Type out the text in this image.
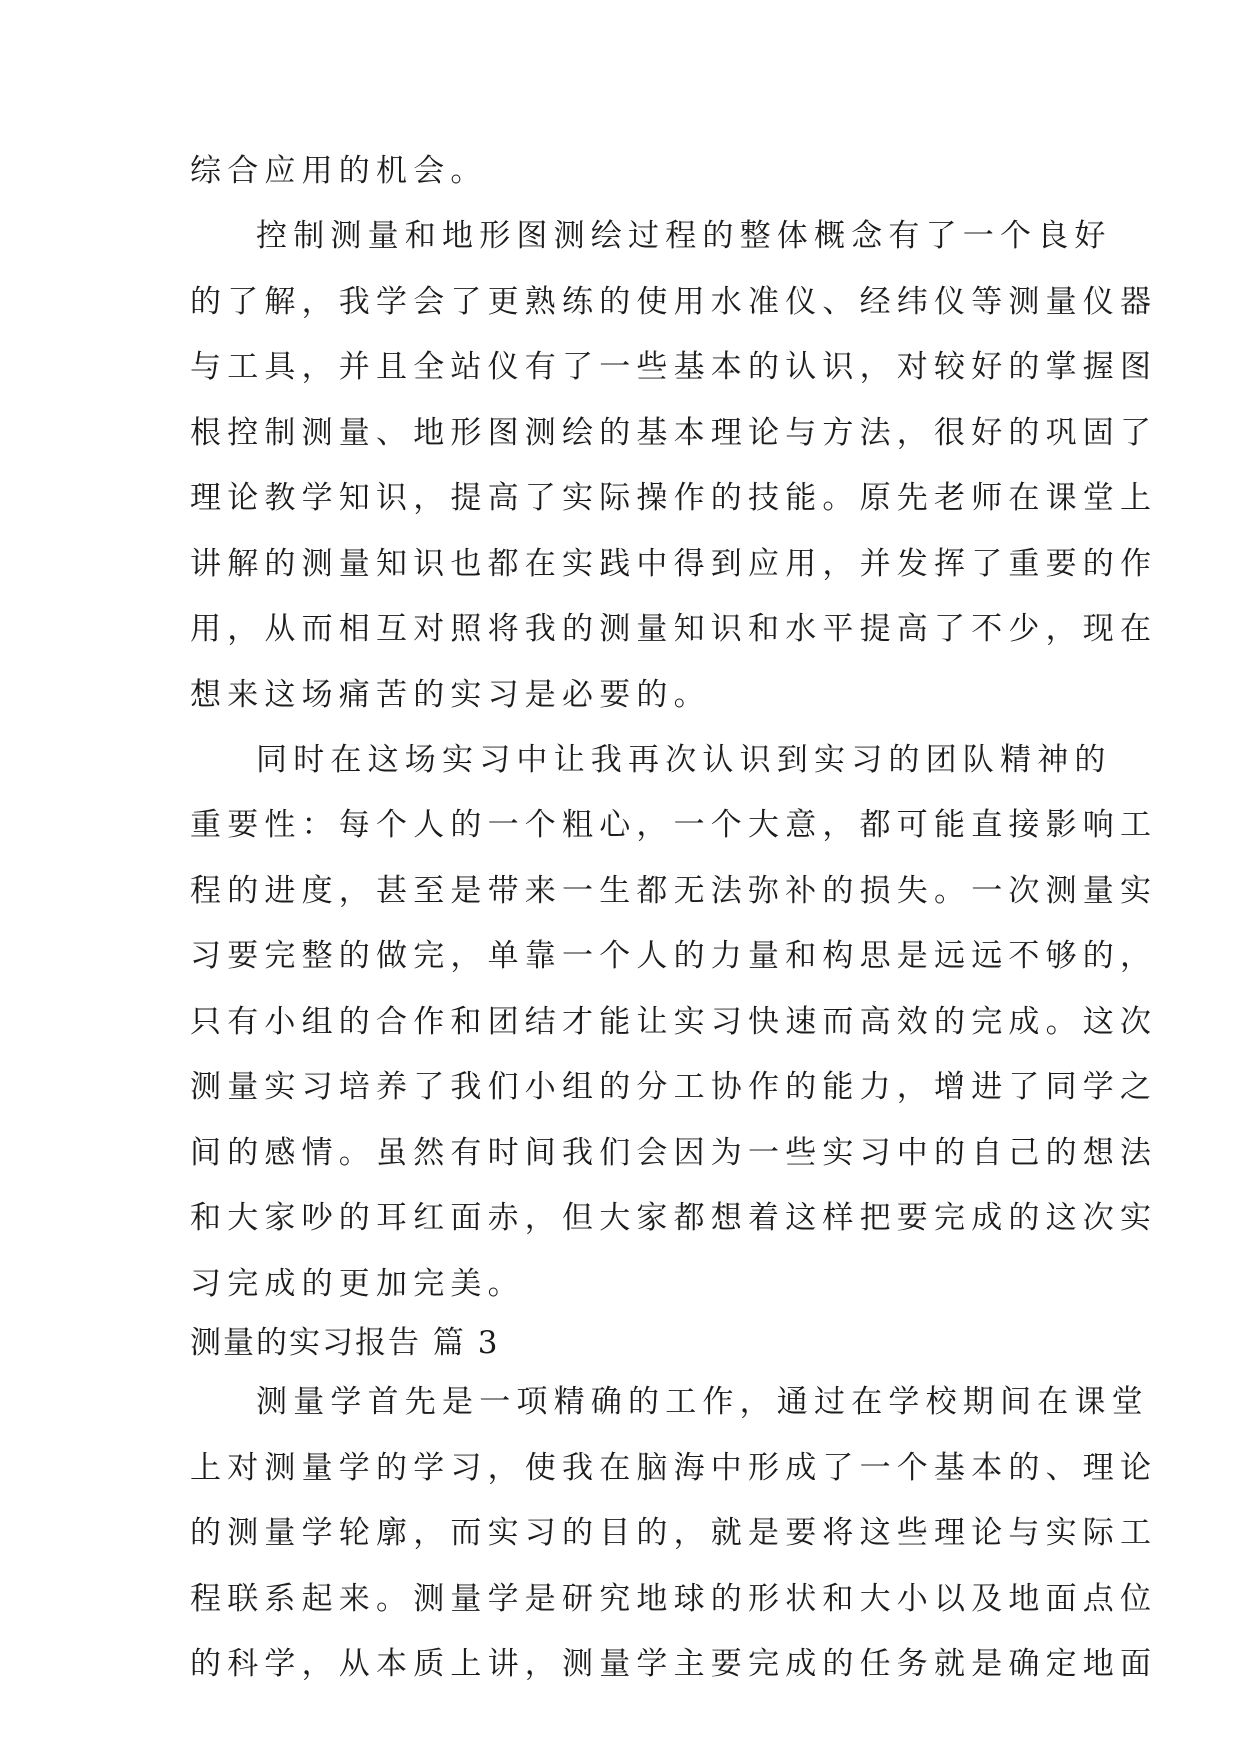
综合应用的机会。
控制测量和地形图测绘过程的整体概念有了一个良好
的了解，我学会了更熟练的使用水准仪、经纬仪等测量仪器
与工具，并且全站仪有了一些基本的认识，对较好的掌握图
根控制测量、地形图测绘的基本理论与方法，很好的巩固了
理论教学知识，提高了实际操作的技能。原先老师在课堂上
讲解的测量知识也都在实践中得到应用，并发挥了重要的作
用，从而相互对照将我的测量知识和水平提高了不少，现在
想来这场痛苦的实习是必要的。
同时在这场实习中让我再次认识到实习的团队精神的
重要性：每个人的一个粗心，一个大意，都可能直接影响工
程的进度，甚至是带来一生都无法弥补的损失。一次测量实
习要完整的做完，单靠一个人的力量和构思是远远不够的，
只有小组的合作和团结才能让实习快速而高效的完成。这次
测量实习培养了我们小组的分工协作的能力，增进了同学之
间的感情。虽然有时间我们会因为一些实习中的自己的想法
和大家吵的耳红面赤，但大家都想着这样把要完成的这次实
习完成的更加完美。
测量的实习报告 篇 3
测量学首先是一项精确的工作，通过在学校期间在课堂
上对测量学的学习，使我在脑海中形成了一个基本的、理论
的测量学轮廓，而实习的目的，就是要将这些理论与实际工
程联系起来。测量学是研究地球的形状和大小以及地面点位
的科学，从本质上讲，测量学主要完成的任务就是确定地面
